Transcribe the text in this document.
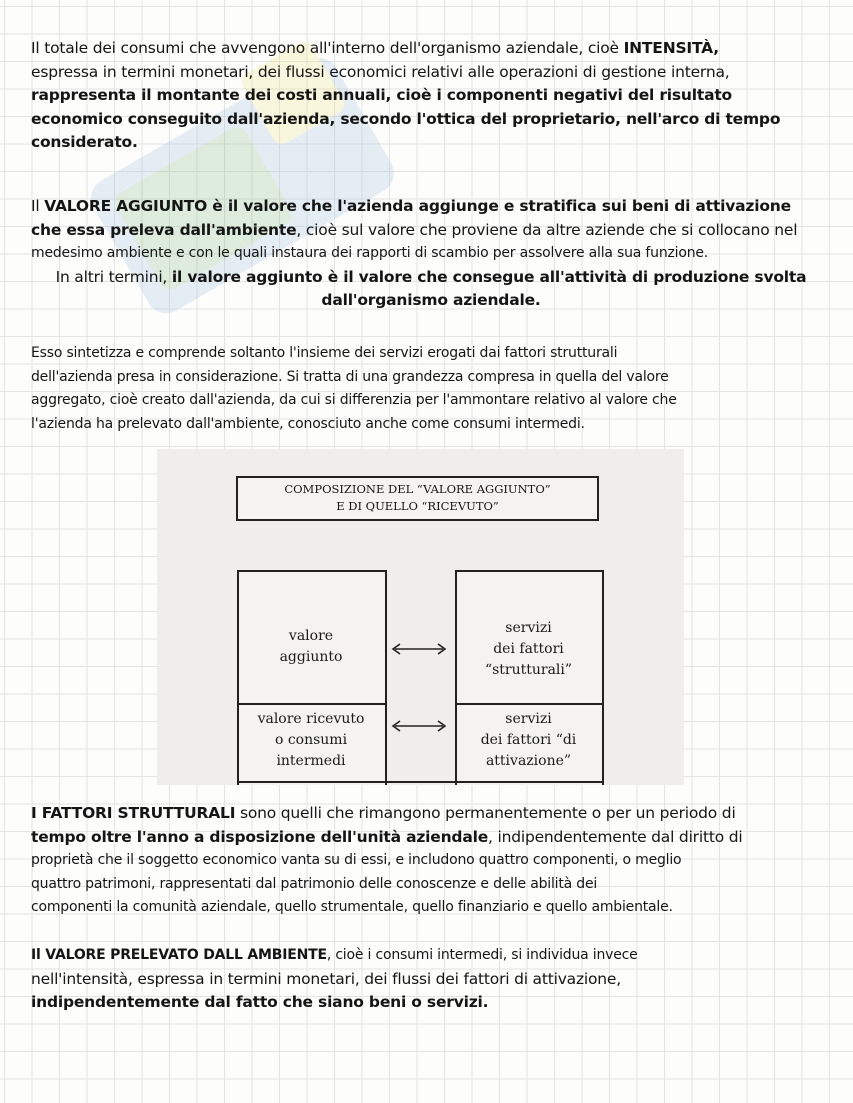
Il totale dei consumi che avvengono all'interno dell'organismo aziendale, cioè INTENSITÀ,
espressa in termini monetari, dei flussi economici relativi alle operazioni di gestione interna,
rappresenta il montante dei costi annuali, cioè i componenti negativi del risultato
economico conseguito dall'azienda, secondo l'ottica del proprietario, nell'arco di tempo
considerato.
Il VALORE AGGIUNTO è il valore che l'azienda aggiunge e stratifica sui beni di attivazione
che essa preleva dall'ambiente, cioè sul valore che proviene da altre aziende che si collocano nel
medesimo ambiente e con le quali instaura dei rapporti di scambio per assolvere alla sua funzione.
In altri termini, il valore aggiunto è il valore che consegue all'attività di produzione svolta
dall'organismo aziendale.
Esso sintetizza e comprende soltanto l'insieme dei servizi erogati dai fattori strutturali
dell'azienda presa in considerazione. Si tratta di una grandezza compresa in quella del valore
aggregato, cioè creato dall'azienda, da cui si differenzia per l'ammontare relativo al valore che
l'azienda ha prelevato dall'ambiente, conosciuto anche come consumi intermedi.

COMPOSIZIONE DEL “VALORE AGGIUNTO”
E DI QUELLO “RICEVUTO”
valore
aggiunto
servizi
dei fattori
“strutturali”
valore ricevuto
o consumi
intermedi
servizi
dei fattori “di
attivazione”
I FATTORI STRUTTURALI sono quelli che rimangono permanentemente o per un periodo di
tempo oltre l'anno a disposizione dell'unità aziendale, indipendentemente dal diritto di
proprietà che il soggetto economico vanta su di essi, e includono quattro componenti, o meglio
quattro patrimoni, rappresentati dal patrimonio delle conoscenze e delle abilità dei
componenti la comunità aziendale, quello strumentale, quello finanziario e quello ambientale.
Il VALORE PRELEVATO DALL AMBIENTE, cioè i consumi intermedi, si individua invece
nell'intensità, espressa in termini monetari, dei flussi dei fattori di attivazione,
indipendentemente dal fatto che siano beni o servizi.
